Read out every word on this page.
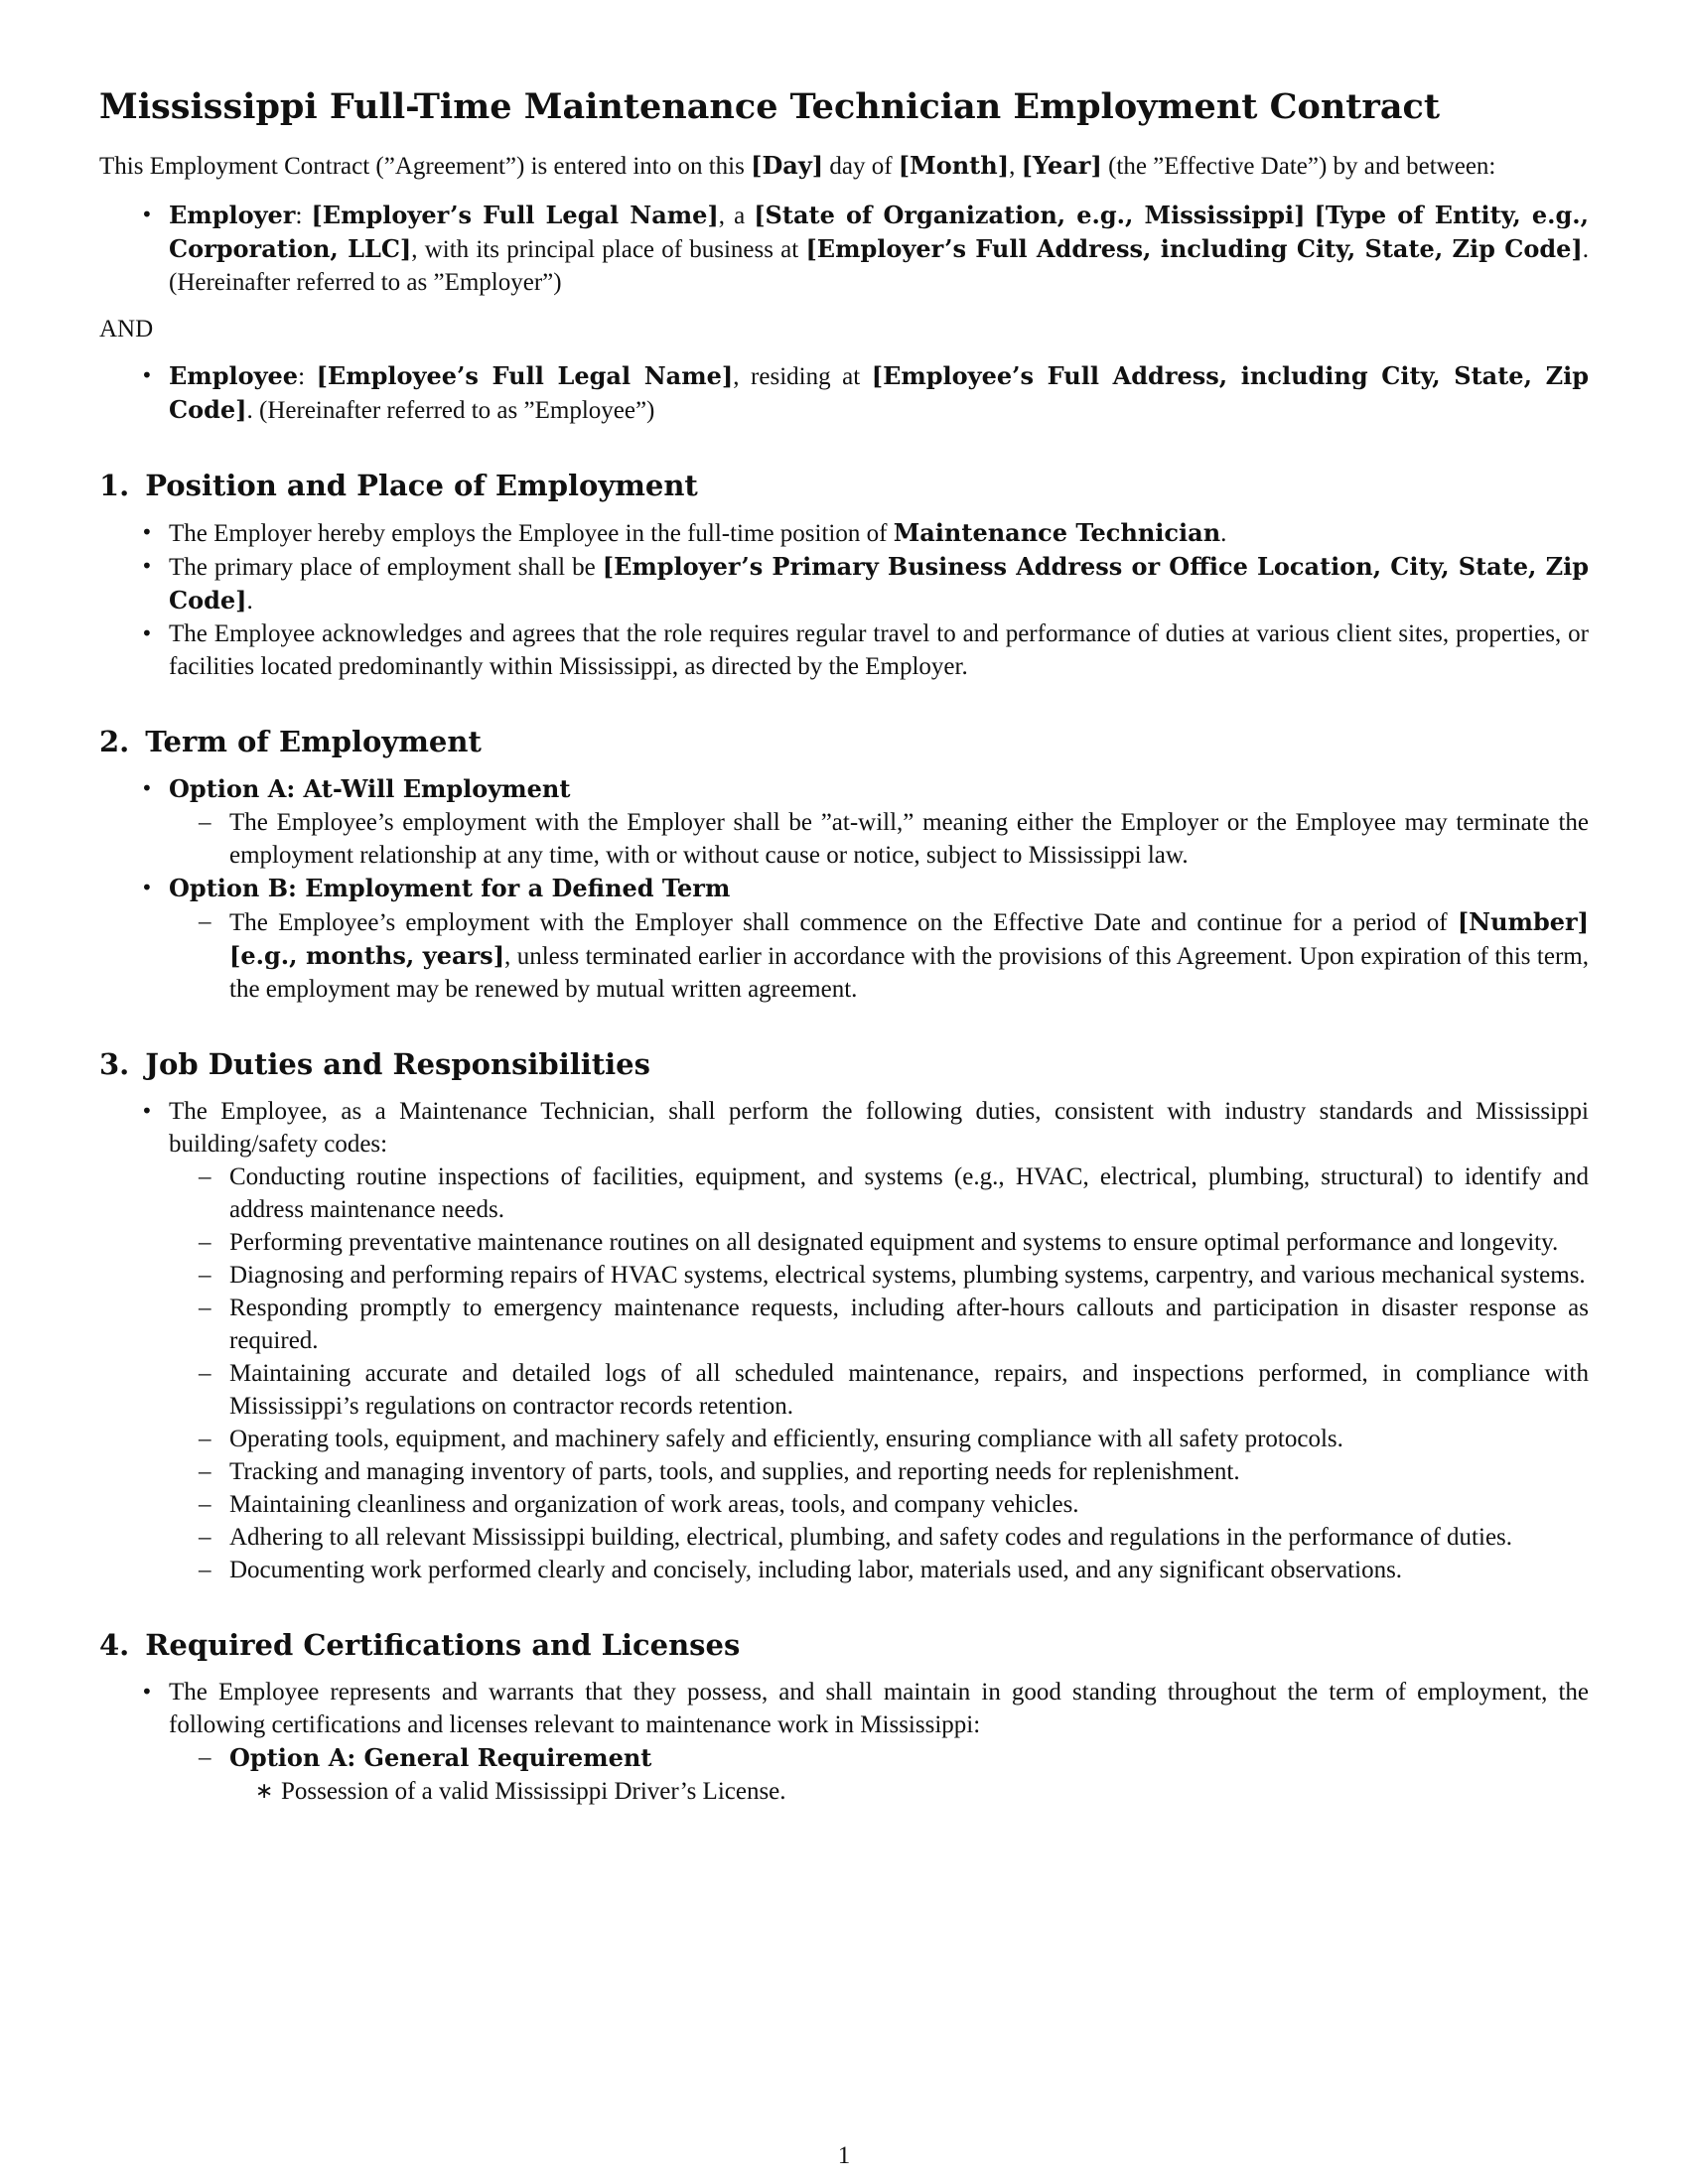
Mississippi Full-Time Maintenance Technician Employment Contract

This Employment Contract (”Agreement”) is entered into on this [Day] day of [Month], [Year] (the ”Effective Date”) by and between:

• Employer: [Employer’s Full Legal Name], a [State of Organization, e.g., Mississippi] [Type of Entity, e.g., Corporation, LLC], with its principal place of business at [Employer’s Full Address, including City, State, Zip Code]. (Hereinafter referred to as ”Employer”)

AND

• Employee: [Employee’s Full Legal Name], residing at [Employee’s Full Address, including City, State, Zip Code]. (Hereinafter referred to as ”Employee”)
1. Position and Place of Employment
• The Employer hereby employs the Employee in the full-time position of Maintenance Technician.
• The primary place of employment shall be [Employer’s Primary Business Address or Office Location, City, State, Zip Code].
• The Employee acknowledges and agrees that the role requires regular travel to and performance of duties at various client sites, properties, or facilities located predominantly within Mississippi, as directed by the Employer.
2. Term of Employment
• Option A: At-Will Employment
– The Employee’s employment with the Employer shall be ”at-will,” meaning either the Employer or the Employee may terminate the employment relationship at any time, with or without cause or notice, subject to Mississippi law.
• Option B: Employment for a Defined Term
– The Employee’s employment with the Employer shall commence on the Effective Date and continue for a period of [Number] [e.g., months, years], unless terminated earlier in accordance with the provisions of this Agreement. Upon expiration of this term, the employment may be renewed by mutual written agreement.
3. Job Duties and Responsibilities
• The Employee, as a Maintenance Technician, shall perform the following duties, consistent with industry standards and Mississippi building/safety codes:
– Conducting routine inspections of facilities, equipment, and systems (e.g., HVAC, electrical, plumbing, structural) to identify and address maintenance needs.
– Performing preventative maintenance routines on all designated equipment and systems to ensure optimal performance and longevity.
– Diagnosing and performing repairs of HVAC systems, electrical systems, plumbing systems, carpentry, and various mechanical systems.
– Responding promptly to emergency maintenance requests, including after-hours callouts and participation in disaster response as required.
– Maintaining accurate and detailed logs of all scheduled maintenance, repairs, and inspections performed, in compliance with Mississippi’s regulations on contractor records retention.
– Operating tools, equipment, and machinery safely and efficiently, ensuring compliance with all safety protocols.
– Tracking and managing inventory of parts, tools, and supplies, and reporting needs for replenishment.
– Maintaining cleanliness and organization of work areas, tools, and company vehicles.
– Adhering to all relevant Mississippi building, electrical, plumbing, and safety codes and regulations in the performance of duties.
– Documenting work performed clearly and concisely, including labor, materials used, and any significant observations.
4. Required Certifications and Licenses
• The Employee represents and warrants that they possess, and shall maintain in good standing throughout the term of employment, the following certifications and licenses relevant to maintenance work in Mississippi:
– Option A: General Requirement
∗ Possession of a valid Mississippi Driver’s License.
1
